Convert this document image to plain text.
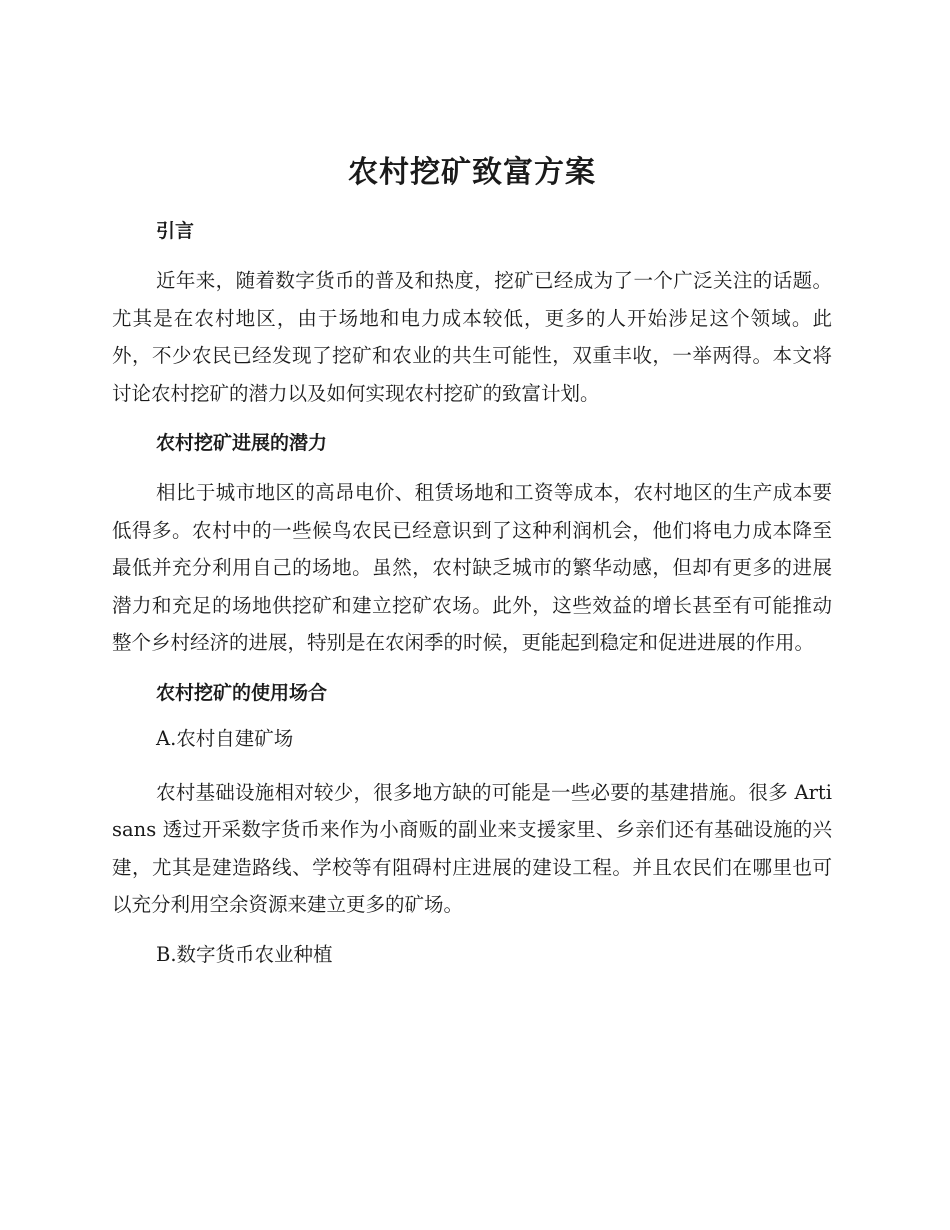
农村挖矿致富方案
引言

近年来，随着数字货币的普及和热度，挖矿已经成为了一个广泛关注的话题。尤其是在农村地区，由于场地和电力成本较低，更多的人开始涉足这个领域。此外，不少农民已经发现了挖矿和农业的共生可能性，双重丰收，一举两得。本文将讨论农村挖矿的潜力以及如何实现农村挖矿的致富计划。

农村挖矿进展的潜力

相比于城市地区的高昂电价、租赁场地和工资等成本，农村地区的生产成本要低得多。农村中的一些候鸟农民已经意识到了这种利润机会，他们将电力成本降至最低并充分利用自己的场地。虽然，农村缺乏城市的繁华动感，但却有更多的进展潜力和充足的场地供挖矿和建立挖矿农场。此外，这些效益的增长甚至有可能推动整个乡村经济的进展，特别是在农闲季的时候，更能起到稳定和促进进展的作用。

农村挖矿的使用场合
A.农村自建矿场

农村基础设施相对较少，很多地方缺的可能是一些必要的基建措施。很多 Artisans 透过开采数字货币来作为小商贩的副业来支援家里、乡亲们还有基础设施的兴建，尤其是建造路线、学校等有阻碍村庄进展的建设工程。并且农民们在哪里也可以充分利用空余资源来建立更多的矿场。

B.数字货币农业种植
